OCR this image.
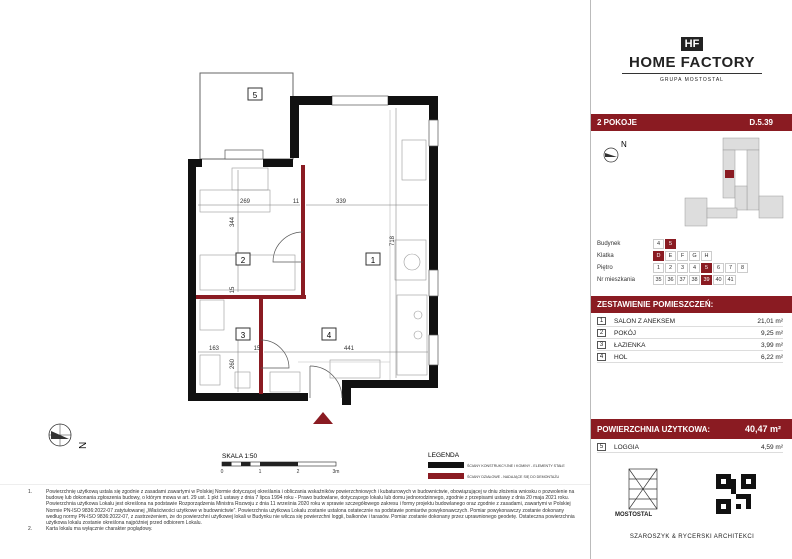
5
2	1
3	4
269	11	339
344
718
15
163	15	441
260
N
SKALA 1:50
0	1	2	3m
LEGENDA
ŚCIANY KONSTRUKCYJNE I KOMINY - ELEMENTY STAŁE
ŚCIANY DZIAŁOWE - NADAJĄCE SIĘ DO DEMONTAŻU
1.	Powierzchnię użytkową ustala się zgodnie z zasadami zawartymi w Polskiej Normie dotyczącej określania i obliczania wskaźników powierzchniowych i kubaturowych w budownictwie, obowiązującej w dniu złożenia wniosku o pozwolenie na budowę lub dokonania zgłoszenia budowy, o którym mowa w art. 29 ust. 1 pkt 1 ustawy z dnia 7 lipca 1994 roku - Prawo budowlane, dotyczącego lokalu lub domu jednorodzinnego, zgodnie z przepisami ustawy z dnia 20 maja 2021 roku. Powierzchnia użytkowa Lokalu jest określona na podstawie Rozporządzenia Ministra Rozwoju z dnia 11 września 2020 roku w sprawie szczegółowego zakresu i formy projektu budowlanego oraz zgodnie z zasadami, zawartymi w Polskiej Normie PN-ISO 9836:2022-07 zatytułowanej „Właściwości użytkowe w budownictwie”. Powierzchnia użytkowa Lokalu zostanie ustalona ostatecznie na podstawie pomiarów powykonawczych. Pomiar powykonawczy zostanie dokonany według normy PN-ISO 9836:2022-07, z zastrzeżeniem, że do powierzchni użytkowej lokali w Budynku nie wlicza się powierzchni loggii, balkonów i tarasów. Pomiar zostanie dokonany przez uprawnionego geodetę. Ostateczna powierzchnia użytkowa lokalu zostanie określona najpóźniej przed odbiorem Lokalu.
2.	Karta lokalu ma wyłącznie charakter poglądowy.
HF
HOME FACTORY
GRUPA MOSTOSTAL
2 POKOJE	D.5.39
N
Budynek	4	5
Klatka	D	E	F	G	H
Piętro	1	2	3	4	5	6	7	8
Nr mieszkania	35	36	37	38	39	40	41
ZESTAWIENIE POMIESZCZEŃ:
1	SALON Z ANEKSEM	21,01 m²
2	POKÓJ	9,25 m²
3	ŁAZIENKA	3,99 m²
4	HOL	6,22 m²
POWIERZCHNIA UŻYTKOWA:	40,47 m²
5	LOGGIA	4,59 m²
MOSTOSTAL
SZAROSZYK & RYCERSKI ARCHITEKCI
